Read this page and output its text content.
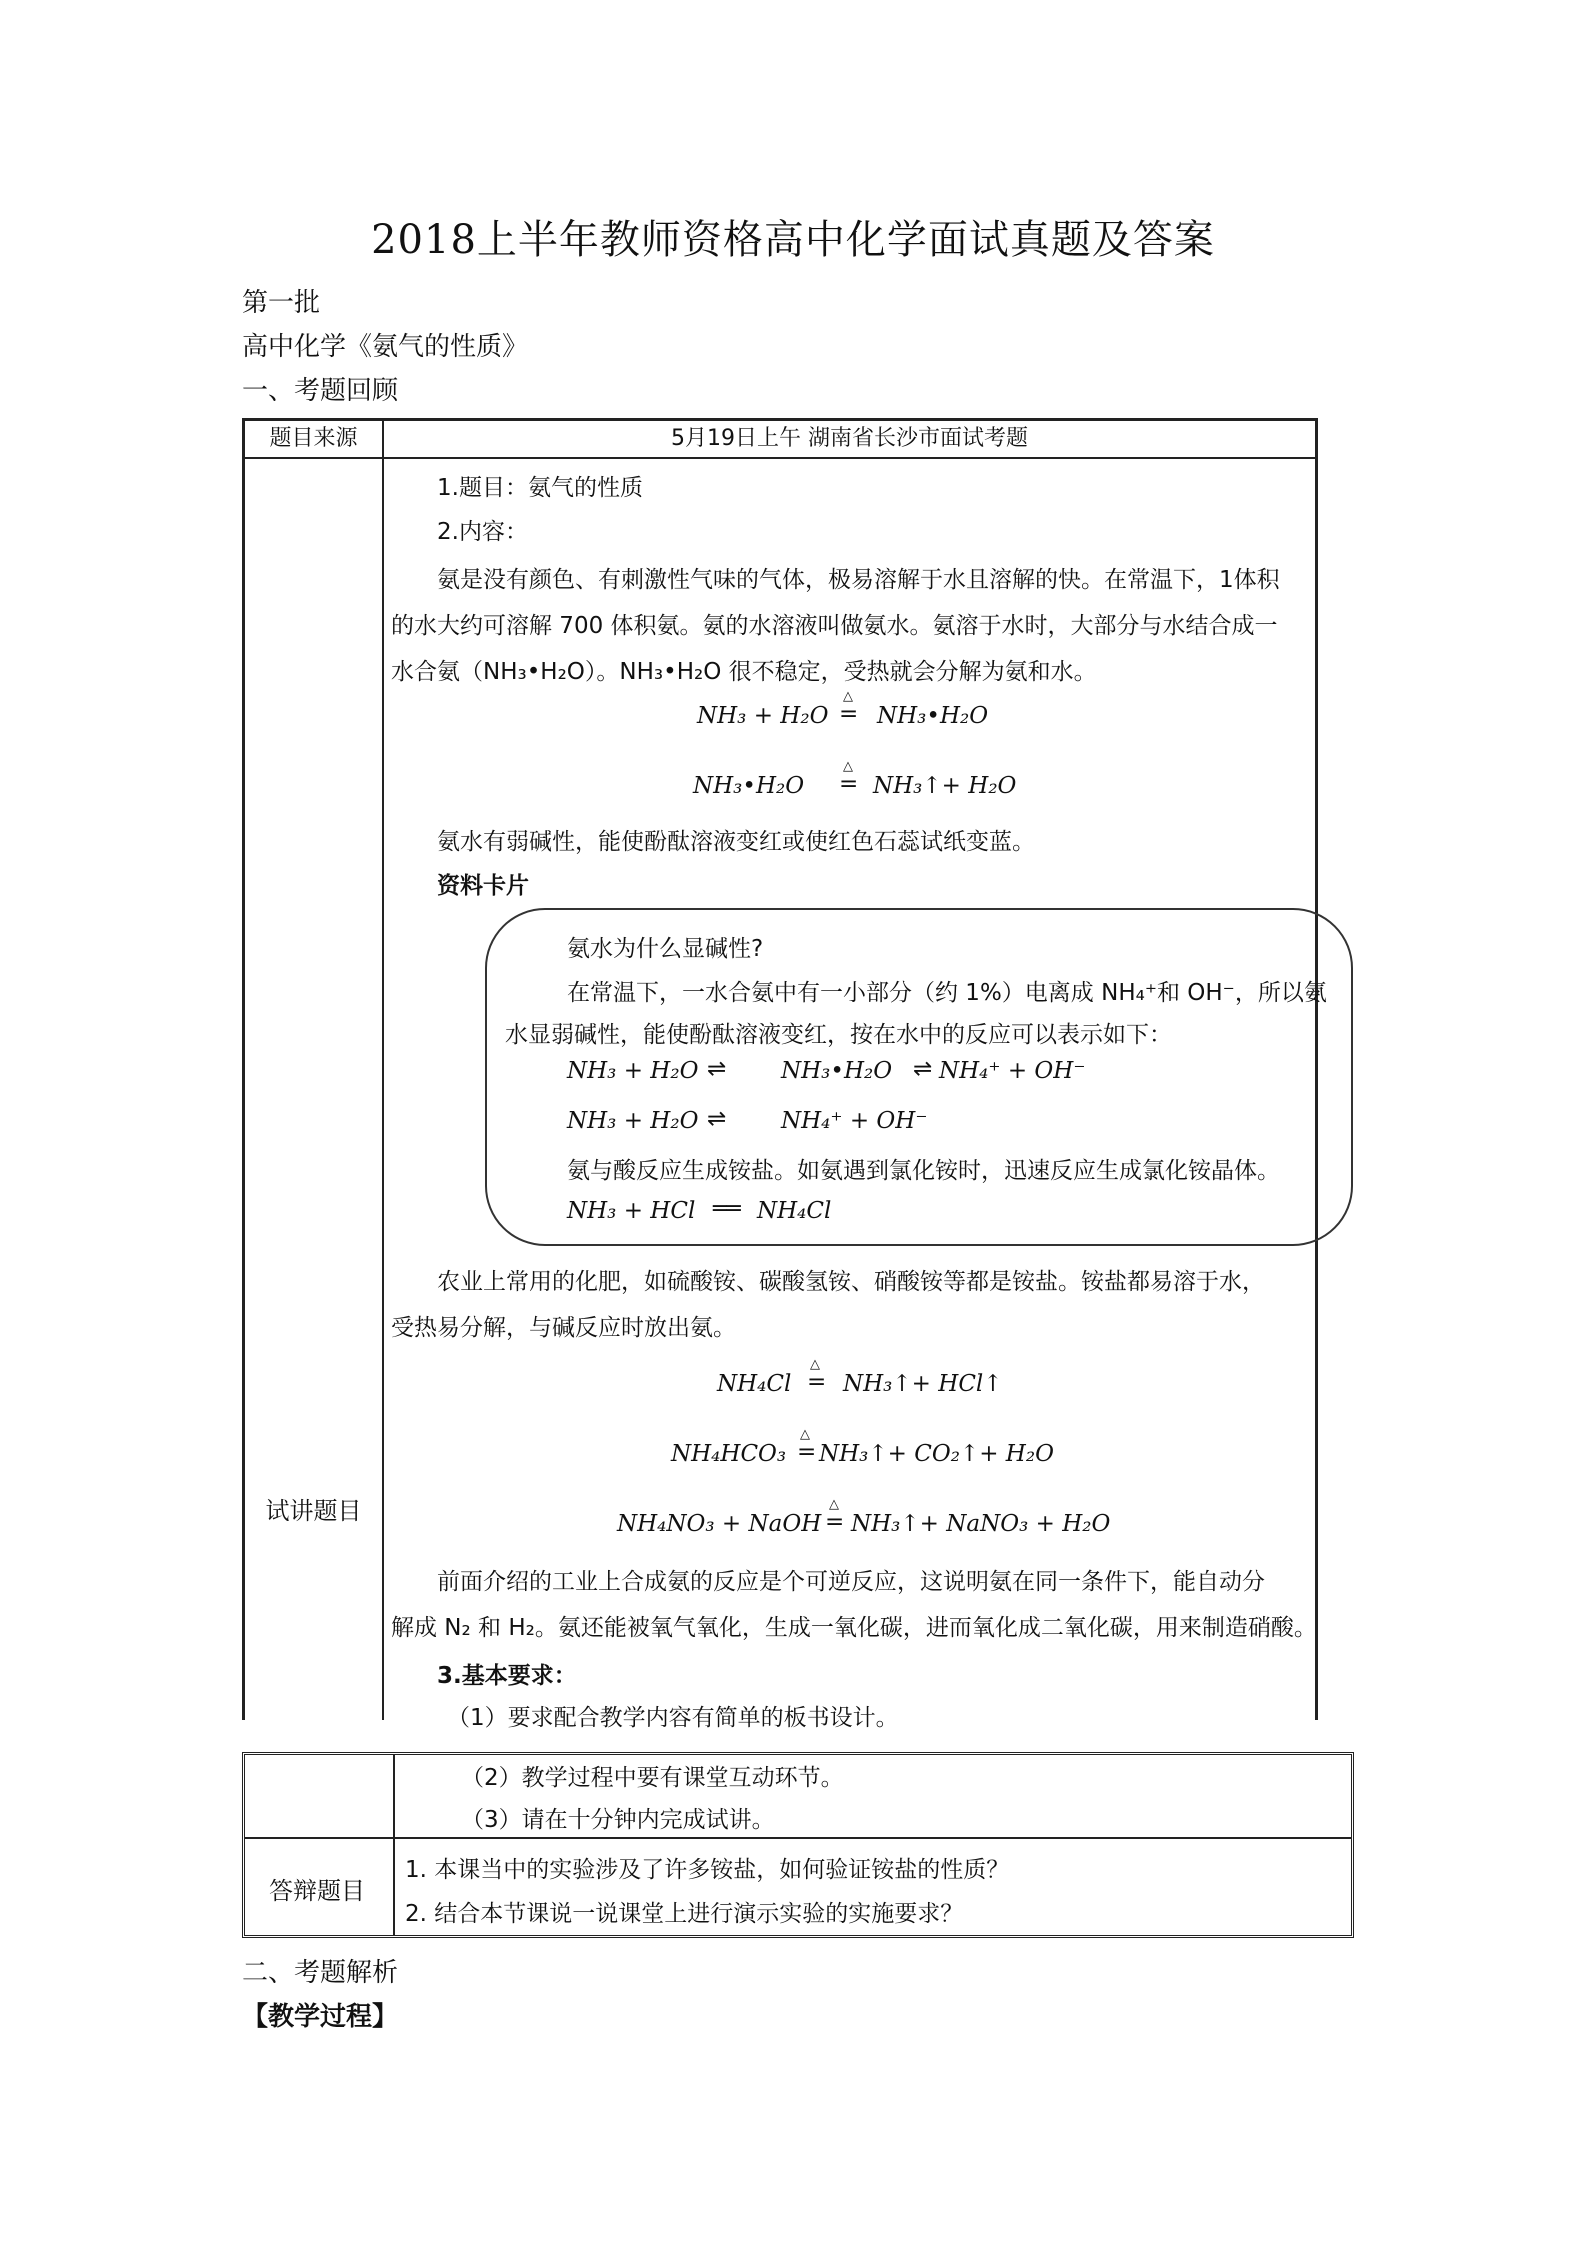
2018上半年教师资格高中化学面试真题及答案
第一批
高中化学《氨气的性质》
一、考题回顾
题目来源	5月19日上午 湖南省长沙市面试考题
试讲题目
1.题目：氨气的性质
2.内容：
氨是没有颜色、有刺激性气味的气体，极易溶解于水且溶解的快。在常温下，1体积
的水大约可溶解 700 体积氨。氨的水溶液叫做氨水。氨溶于水时，大部分与水结合成一
水合氨（NH₃•H₂O）。NH₃•H₂O 很不稳定，受热就会分解为氨和水。
NH₃ + H₂O
△
= NH₃•H₂O
NH₃•H₂O
△
= NH₃↑+ H₂O
氨水有弱碱性，能使酚酞溶液变红或使红色石蕊试纸变蓝。
资料卡片
农业上常用的化肥，如硫酸铵、碳酸氢铵、硝酸铵等都是铵盐。铵盐都易溶于水，
受热易分解，与碱反应时放出氨。
NH₄Cl
△
= NH₃↑+ HCl↑
NH₄HCO₃
△
= NH₃↑+ CO₂↑+ H₂O
NH₄NO₃ + NaOH
△
= NH₃↑+ NaNO₃ + H₂O
前面介绍的工业上合成氨的反应是个可逆反应，这说明氨在同一条件下，能自动分
解成 N₂ 和 H₂。氨还能被氧气氧化，生成一氧化碳，进而氧化成二氧化碳，用来制造硝酸。
3.基本要求：
（1）要求配合教学内容有简单的板书设计。
氨水为什么显碱性?
在常温下，一水合氨中有一小部分（约 1%）电离成 NH₄⁺和 OH⁻，所以氨
水显弱碱性，能使酚酞溶液变红，按在水中的反应可以表示如下：
NH₃ + H₂O ⇌ NH₃•H₂O ⇌ NH₄⁺ + OH⁻
NH₃ + H₂O ⇌ NH₄⁺ + OH⁻
氨与酸反应生成铵盐。如氨遇到氯化铵时，迅速反应生成氯化铵晶体。
NH₃ + HCl ══ NH₄Cl
（2）教学过程中要有课堂互动环节。
（3）请在十分钟内完成试讲。
答辩题目
1. 本课当中的实验涉及了许多铵盐，如何验证铵盐的性质？
2. 结合本节课说一说课堂上进行演示实验的实施要求？
二、考题解析
【教学过程】
